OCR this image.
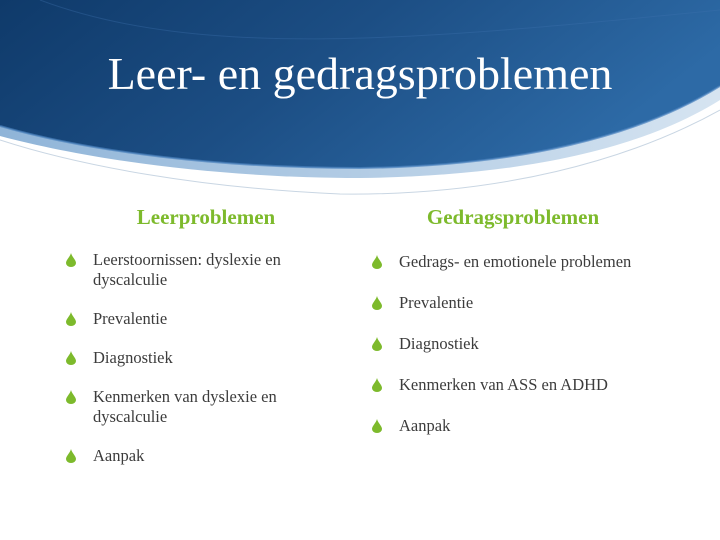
Leer- en gedragsproblemen
Leerproblemen
Leerstoornissen: dyslexie en dyscalculie
Prevalentie
Diagnostiek
Kenmerken van dyslexie en dyscalculie
Aanpak
Gedragsproblemen
Gedrags- en emotionele problemen
Prevalentie
Diagnostiek
Kenmerken van ASS en ADHD
Aanpak
